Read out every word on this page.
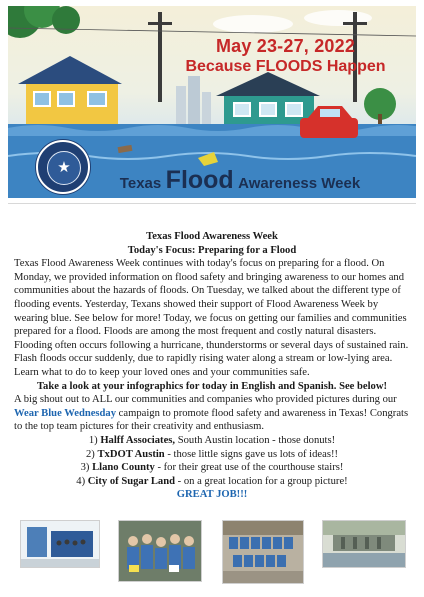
May 23-27, 2022
Because FLOODS Happen
★
Texas Flood Awareness Week
Texas Flood Awareness Week
Today's Focus: Preparing for a Flood

Texas Flood Awareness Week continues with today's focus on preparing for a flood. On Monday, we provided information on flood safety and bringing awareness to our homes and communities about the hazards of floods. On Tuesday, we talked about the different type of flooding events. Yesterday, Texans showed their support of Flood Awareness Week by wearing blue. See below for more! Today, we focus on getting our families and communities prepared for a flood. Floods are among the most frequent and costly natural disasters. Flooding often occurs following a hurricane, thunderstorms or several days of sustained rain. Flash floods occur suddenly, due to rapidly rising water along a stream or low-lying area. Learn what to do to keep your loved ones and your communities safe.

Take a look at your infographics for today in English and Spanish. See below!

A big shout out to ALL our communities and companies who provided pictures during our Wear Blue Wednesday campaign to promote flood safety and awareness in Texas! Congrats to the top team pictures for their creativity and enthusiasm.

1) Halff Associates, South Austin location - those donuts!
2) TxDOT Austin - those little signs gave us lots of ideas!!
3) Llano County - for their great use of the courthouse stairs!
4) City of Sugar Land - on a great location for a group picture!
GREAT JOB!!!
